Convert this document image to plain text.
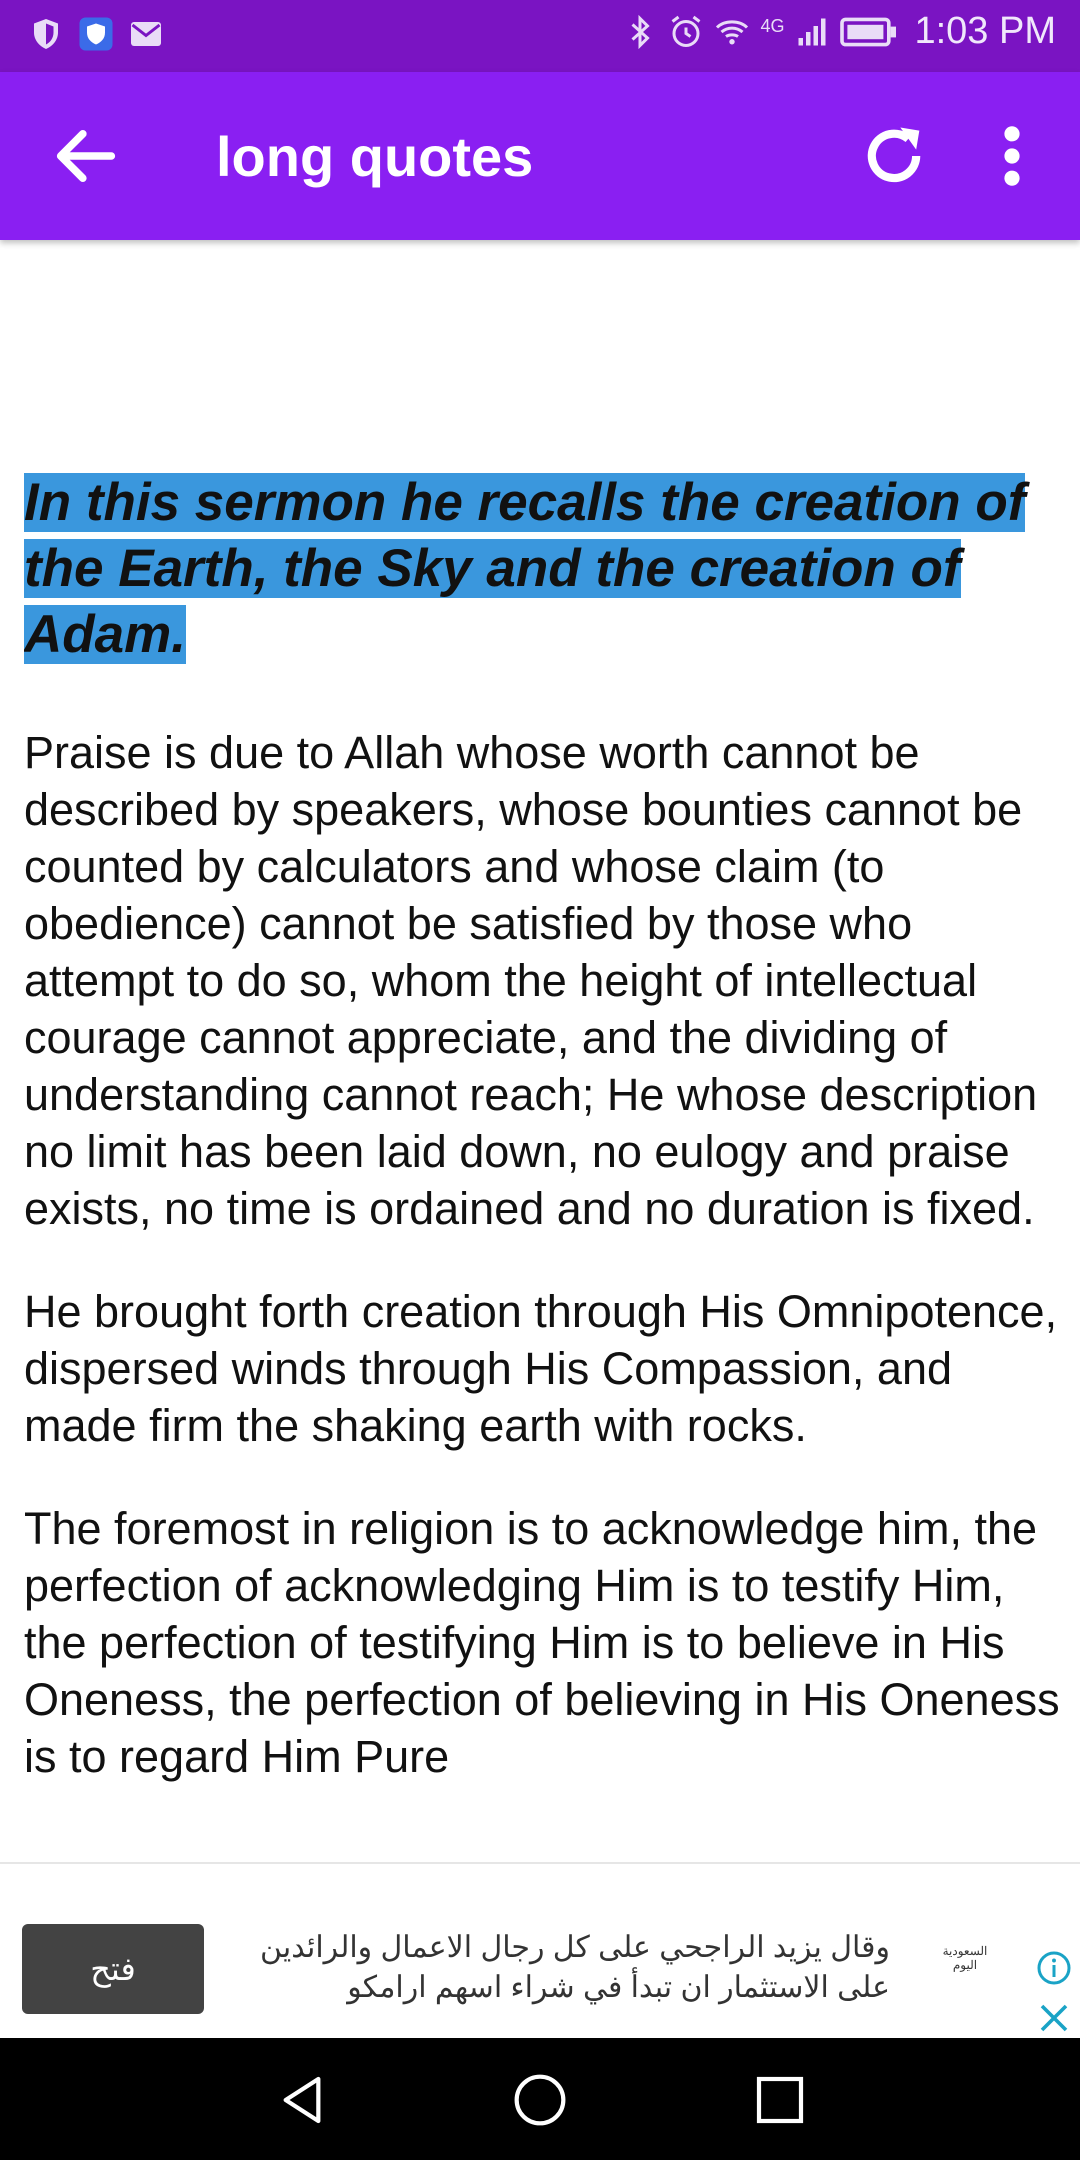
4G	1:03 PM
long quotes

In this sermon he recalls the creation of the Earth, the Sky and the creation of Adam.

Praise is due to Allah whose worth cannot be described by speakers, whose bounties cannot be counted by calculators and whose claim (to obedience) cannot be satisfied by those who attempt to do so, whom the height of intellectual courage cannot appreciate, and the dividing of understanding cannot reach; He whose description no limit has been laid down, no eulogy and praise exists, no time is ordained and no duration is fixed.

He brought forth creation through His Omnipotence, dispersed winds through His Compassion, and made firm the shaking earth with rocks.

The foremost in religion is to acknowledge him, the perfection of acknowledging Him is to testify Him, the perfection of testifying Him is to believe in His Oneness, the perfection of believing in His Oneness is to regard Him Pure

فتح
وقال يزيد الراجحي على كل رجال الاعمال والرائدين
على الاستثمار ان تبدأ في شراء اسهم ارامكو
السعودية
اليوم
